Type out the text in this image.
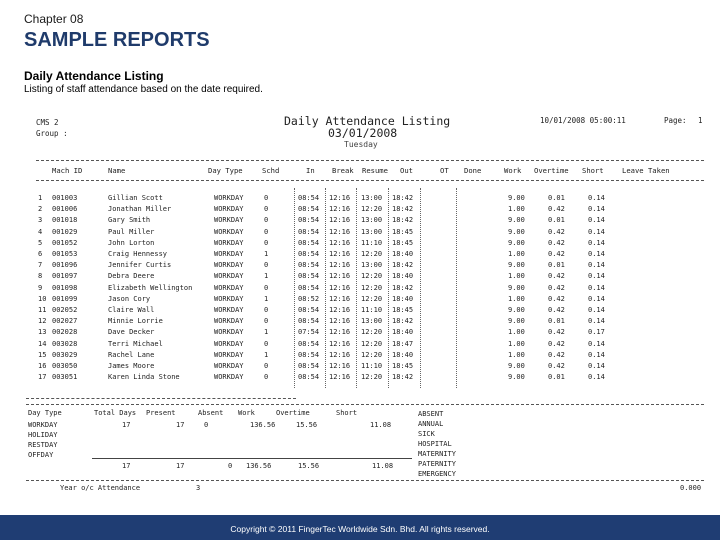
Chapter 08
SAMPLE REPORTS
Daily Attendance Listing
Listing of staff attendance based on the date required.
CMS 2
Group :
Daily Attendance Listing
03/01/2008
Tuesday
10/01/2008 05:00:11	Page: 1
Mach ID	Name	Day Type	Schd	In Break Resume Out	OT Done	Work Overtime Short	Leave Taken
1 001003	Gillian Scott	WORKDAY	0	08:54 12:16 13:00 18:42	9.00	0.01	0.14
2 001006	Jonathan Miller	WORKDAY	0	08:54 12:16 12:20 18:42	1.00	0.42	0.14
3 001018	Gary Smith	WORKDAY	0	08:54 12:16 13:00 18:42	9.00	0.01	0.14
4 001029	Paul Miller	WORKDAY	0	08:54 12:16 13:00 18:45	9.00	0.42	0.14
5 001052	John Lorton	WORKDAY	0	08:54 12:16 11:10 18:45	9.00	0.42	0.14
6 001053	Craig Hennessy	WORKDAY	1	08:54 12:16 12:20 18:40	1.00	0.42	0.14
7 001096	Jennifer Curtis	WORKDAY	0	08:54 12:16 13:00 18:42	9.00	0.01	0.14
8 001097	Debra Deere	WORKDAY	1	08:54 12:16 12:20 18:40	1.00	0.42	0.14
9 001098	Elizabeth Wellington	WORKDAY	0	08:54 12:16 12:20 18:42	9.00	0.42	0.14
10 001099	Jason Cory	WORKDAY	1	08:52 12:16 12:20 18:40	1.00	0.42	0.14
11 002052	Claire Wall	WORKDAY	0	08:54 12:16 11:10 18:45	9.00	0.42	0.14
12 002027	Minnie Lorrie	WORKDAY	0	08:54 12:16 13:00 18:42	9.00	0.01	0.14
13 002028	Dave Decker	WORKDAY	1	07:54 12:16 12:20 18:40	1.00	0.42	0.17
14 003028	Terri Michael	WORKDAY	0	08:54 12:16 12:20 18:47	1.00	0.42	0.14
15 003029	Rachel Lane	WORKDAY	1	08:54 12:16 12:20 18:40	1.00	0.42	0.14
16 003050	James Moore	WORKDAY	0	08:54 12:16 11:10 18:45	9.00	0.42	0.14
17 003051	Karen Linda Stone	WORKDAY	0	08:54 12:16 12:20 18:42	9.00	0.01	0.14
Day Type	Total Days Present	Absent Work	Overtime	Short
WORKDAY	17	17	0	136.56	15.56	11.08
HOLIDAY
RESTDAY
OFFDAY
17	17	0 136.56	15.56	11.08
ABSENT
ANNUAL
SICK
HOSPITAL
MATERNITY
PATERNITY
EMERGENCY
Year o/c Attendance	3	0.000
Copyright © 2011 FingerTec Worldwide Sdn. Bhd. All rights reserved.
